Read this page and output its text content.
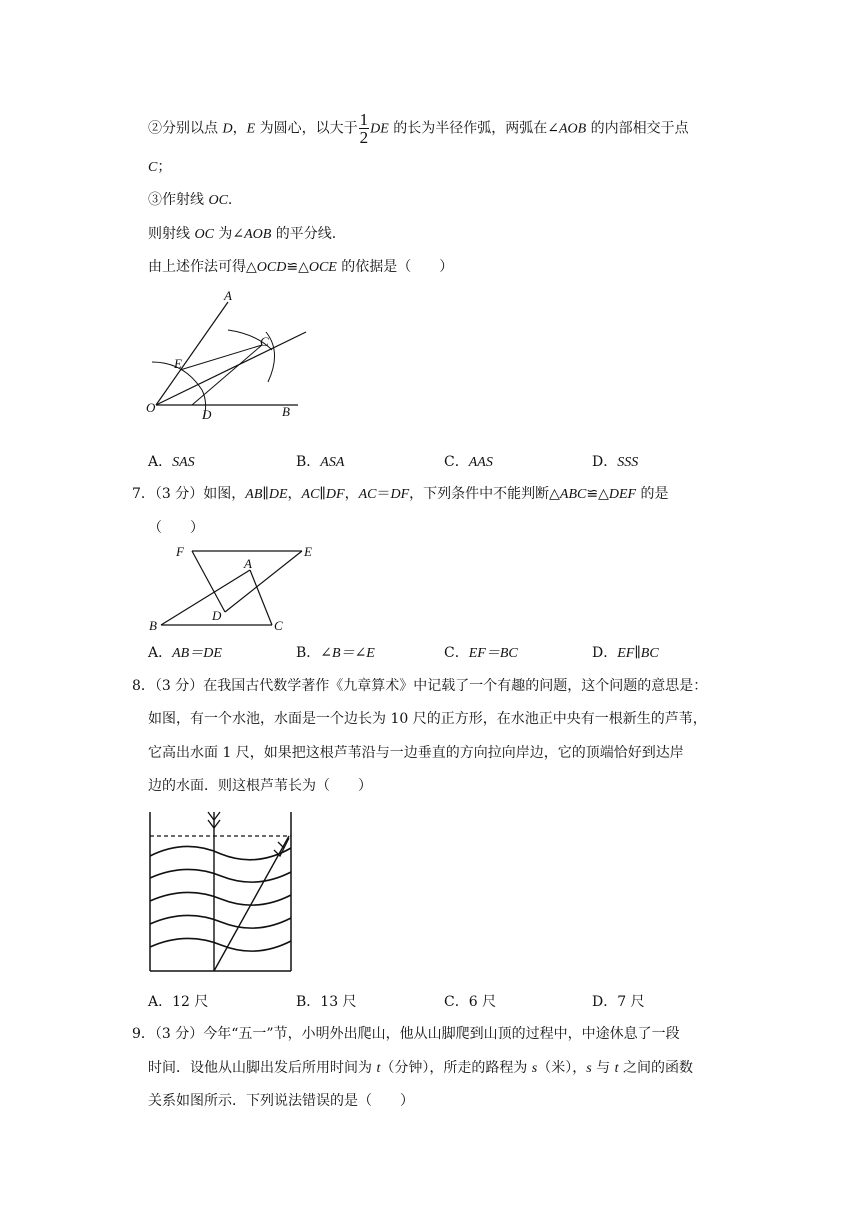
②分别以点 D，E 为圆心，以大于 $\frac{1}{2}$ DE 的长为半径作弧，两弧在∠AOB 的内部相交于点
C；
③作射线 OC.
则射线 OC 为∠AOB 的平分线.
由上述作法可得△OCD≌△OCE 的依据是（　　）
A
C
E
O	D	B
A．SAS	B．ASA	C．AAS	D．SSS
7．（3 分）如图，AB∥DE，AC∥DF，AC＝DF，下列条件中不能判断△ABC≌△DEF 的是
（　　）
F	E
A
D
B	C
A．AB＝DE	B．∠B＝∠E	C．EF＝BC	D．EF∥BC
8．（3 分）在我国古代数学著作《九章算术》中记载了一个有趣的问题，这个问题的意思是：
如图，有一个水池，水面是一个边长为 10 尺的正方形，在水池正中央有一根新生的芦苇，
它高出水面 1 尺，如果把这根芦苇沿与一边垂直的方向拉向岸边，它的顶端恰好到达岸
边的水面．则这根芦苇长为（　　）
A．12 尺	B．13 尺	C．6 尺	D．7 尺
9．（3 分）今年“五一”节，小明外出爬山，他从山脚爬到山顶的过程中，中途休息了一段
时间．设他从山脚出发后所用时间为 t（分钟），所走的路程为 s（米），s 与 t 之间的函数
关系如图所示．下列说法错误的是（　　）
